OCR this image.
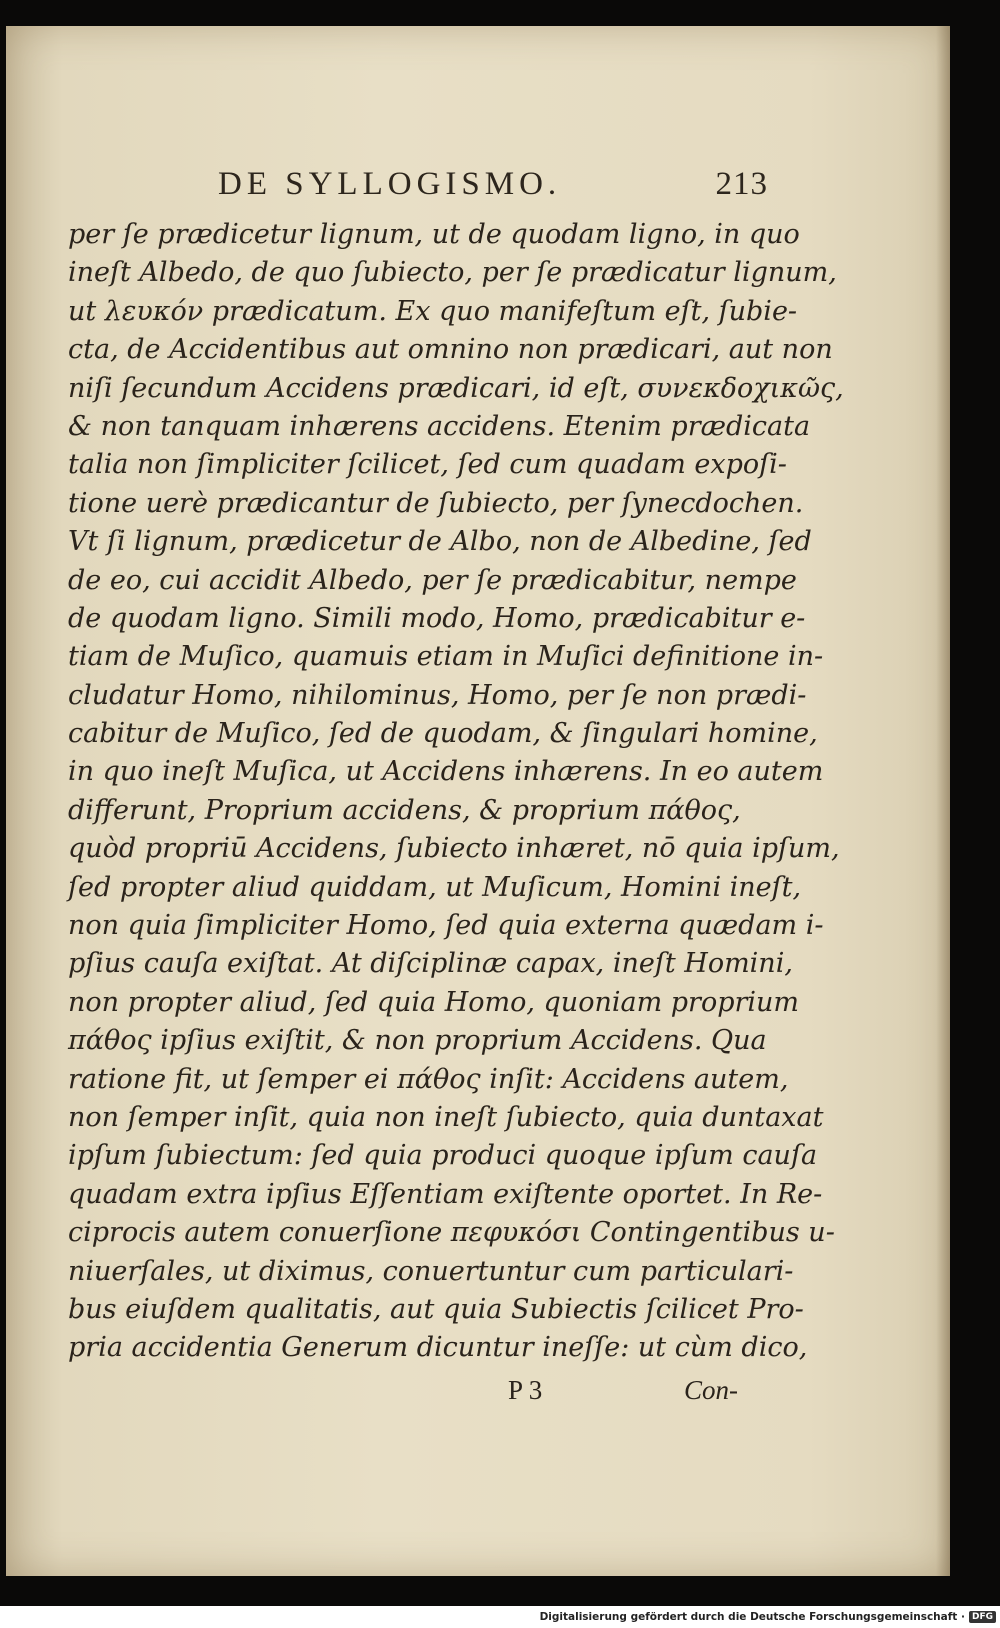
DE SYLLOGISMO.	213
per ſe prædicetur lignum, ut de quodam ligno, in quo
ineſt Albedo, de quo ſubiecto, per ſe prædicatur lignum,
ut λευκόν prædicatum. Ex quo manifeſtum eſt, ſubie-
cta, de Accidentibus aut omnino non prædicari, aut non
niſi ſecundum Accidens prædicari, id eſt, συνεκδοχικῶς,
& non tanquam inhærens accidens. Etenim prædicata
talia non ſimpliciter ſcilicet, ſed cum quadam expoſi-
tione uerè prædicantur de ſubiecto, per ſynecdochen.
Vt ſi lignum, prædicetur de Albo, non de Albedine, ſed
de eo, cui accidit Albedo, per ſe prædicabitur, nempe
de quodam ligno. Simili modo, Homo, prædicabitur e-
tiam de Muſico, quamuis etiam in Muſici definitione in-
cludatur Homo, nihilominus, Homo, per ſe non prædi-
cabitur de Muſico, ſed de quodam, & ſingulari homine,
in quo ineſt Muſica, ut Accidens inhærens. In eo autem
differunt, Proprium accidens, & proprium πάθος,
quòd propriū Accidens, ſubiecto inhæret, nō quia ipſum,
ſed propter aliud quiddam, ut Muſicum, Homini ineſt,
non quia ſimpliciter Homo, ſed quia externa quædam i-
pſius cauſa exiſtat. At diſciplinæ capax, ineſt Homini,
non propter aliud, ſed quia Homo, quoniam proprium
πάθος ipſius exiſtit, & non proprium Accidens. Qua
ratione fit, ut ſemper ei πάθος inſit: Accidens autem,
non ſemper inſit, quia non ineſt ſubiecto, quia duntaxat
ipſum ſubiectum: ſed quia produci quoque ipſum cauſa
quadam extra ipſius Eſſentiam exiſtente oportet. In Re-
ciprocis autem conuerſione πεφυκόσι Contingentibus u-
niuerſales, ut diximus, conuertuntur cum particulari-
bus eiuſdem qualitatis, aut quia Subiectis ſcilicet Pro-
pria accidentia Generum dicuntur ineſſe: ut cùm dico,
P 3	Con-
Digitalisierung gefördert durch die Deutsche Forschungsgemeinschaft · DFG
